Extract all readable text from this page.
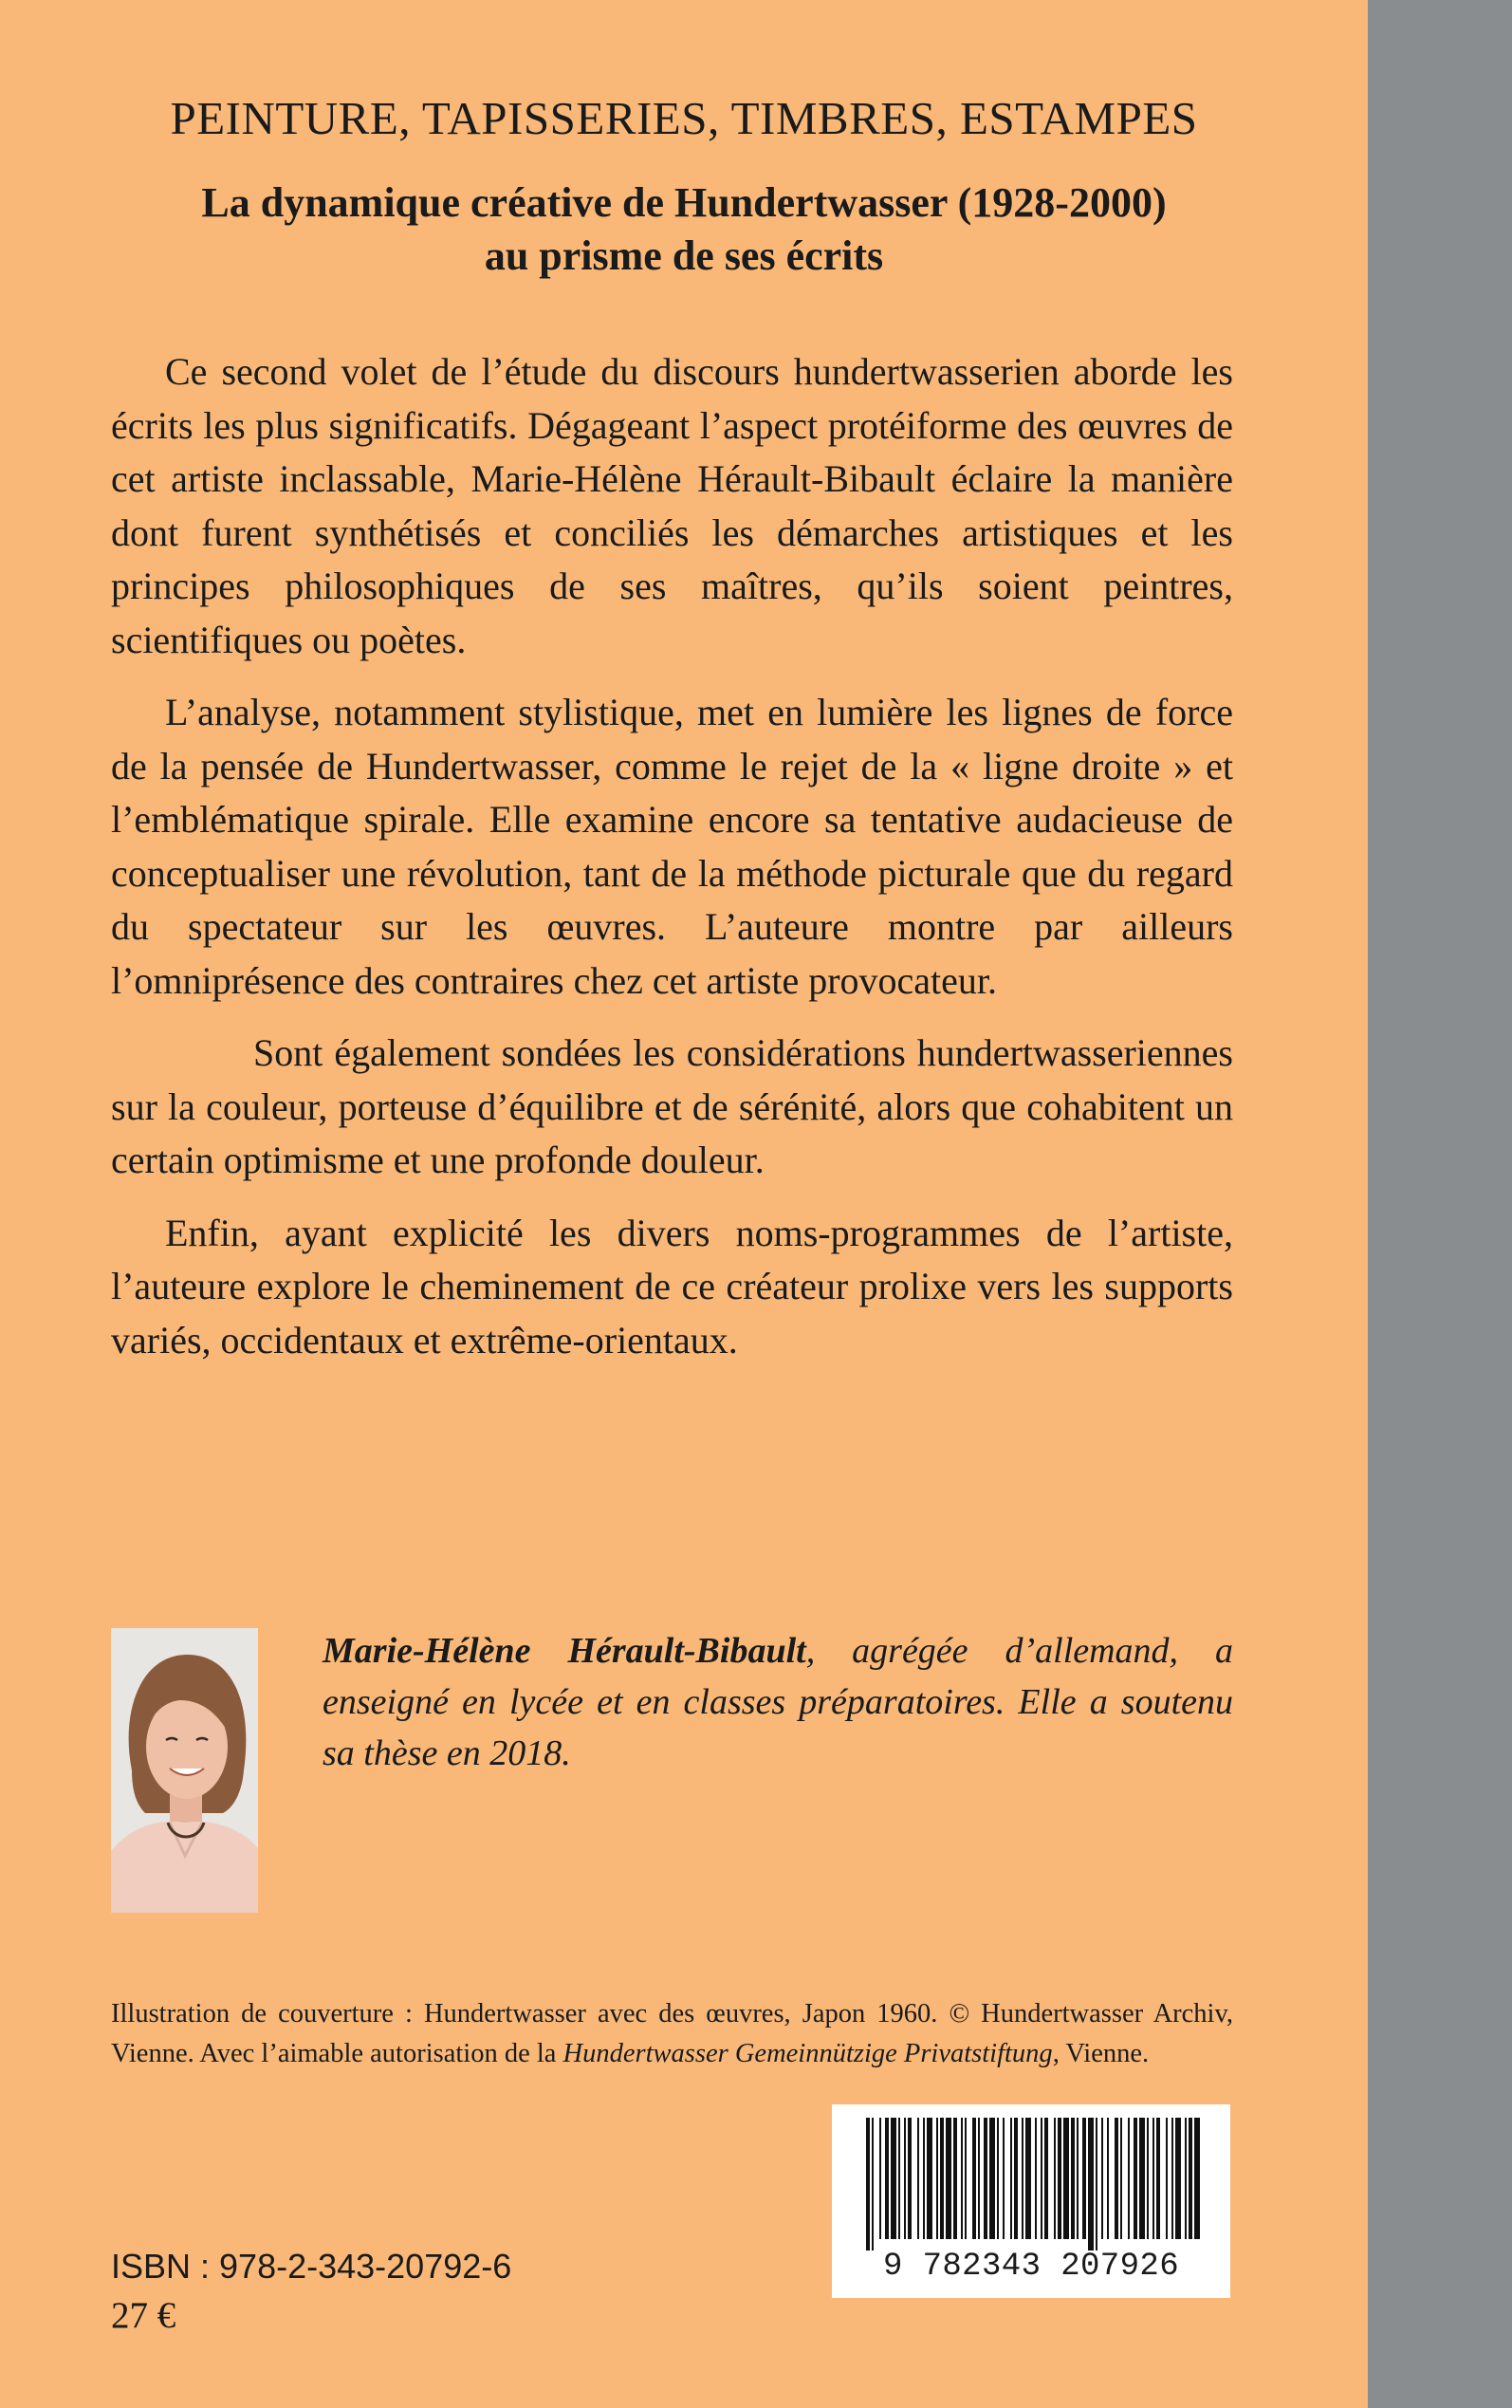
PEINTURE, TAPISSERIES, TIMBRES, ESTAMPES
La dynamique créative de Hundertwasser (1928-2000)
au prisme de ses écrits

Ce second volet de l’étude du discours hundertwasserien aborde les écrits les plus significatifs. Dégageant l’aspect protéiforme des œuvres de cet artiste inclassable, Marie-Hélène Hérault-Bibault éclaire la manière dont furent synthétisés et conciliés les démarches artistiques et les principes philosophiques de ses maîtres, qu’ils soient peintres, scientifiques ou poètes.

L’analyse, notamment stylistique, met en lumière les lignes de force de la pensée de Hundertwasser, comme le rejet de la « ligne droite » et l’emblématique spirale. Elle examine encore sa tentative audacieuse de conceptualiser une révolution, tant de la méthode picturale que du regard du spectateur sur les œuvres. L’auteure montre par ailleurs l’omniprésence des contraires chez cet artiste provocateur.

Sont également sondées les considérations hundertwasseriennes sur la couleur, porteuse d’équilibre et de sérénité, alors que cohabitent un certain optimisme et une profonde douleur.

Enfin, ayant explicité les divers noms-programmes de l’artiste, l’auteure explore le cheminement de ce créateur prolixe vers les supports variés, occidentaux et extrême-orientaux.

Marie-Hélène Hérault-Bibault, agrégée d’allemand, a enseigné en lycée et en classes préparatoires. Elle a soutenu sa thèse en 2018.
Illustration de couverture : Hundertwasser avec des œuvres, Japon 1960. © Hundertwasser Archiv, Vienne. Avec l’aimable autorisation de la Hundertwasser Gemeinnützige Privatstiftung, Vienne.
9 782343 207926
ISBN : 978-2-343-20792-6
27 €
